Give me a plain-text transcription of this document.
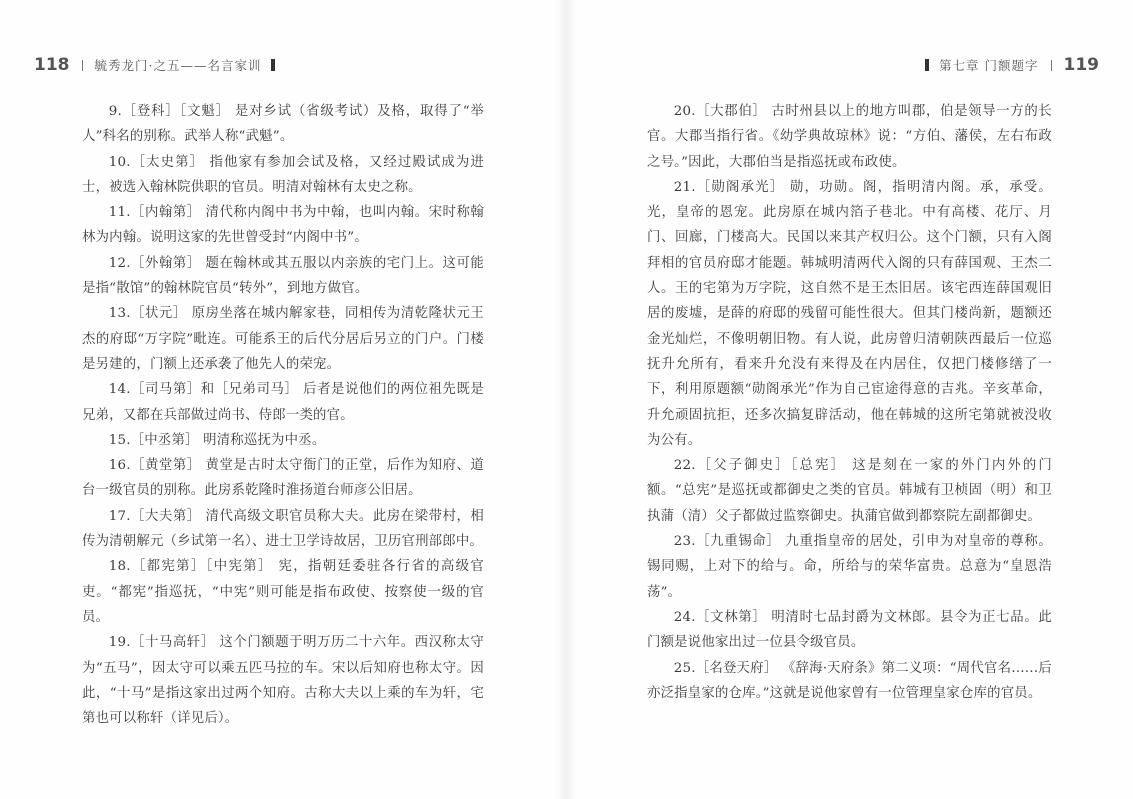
118 毓秀龙门·之五——名言家训

9.［登科］［文魁］ 是对乡试（省级考试）及格，取得了“举人”科名的别称。武举人称“武魁”。

10.［太史第］ 指他家有参加会试及格，又经过殿试成为进士，被选入翰林院供职的官员。明清对翰林有太史之称。

11.［内翰第］ 清代称内阁中书为中翰，也叫内翰。宋时称翰林为内翰。说明这家的先世曾受封“内阁中书”。

12.［外翰第］ 题在翰林或其五服以内亲族的宅门上。这可能是指“散馆”的翰林院官员“转外”，到地方做官。

13.［状元］ 原房坐落在城内解家巷，同相传为清乾隆状元王杰的府邸“万字院”毗连。可能系王的后代分居后另立的门户。门楼是另建的，门额上还承袭了他先人的荣宠。

14.［司马第］和［兄弟司马］ 后者是说他们的两位祖先既是兄弟，又都在兵部做过尚书、侍郎一类的官。

15.［中丞第］ 明清称巡抚为中丞。

16.［黄堂第］ 黄堂是古时太守衙门的正堂，后作为知府、道台一级官员的别称。此房系乾隆时淮扬道台师彦公旧居。

17.［大夫第］ 清代高级文职官员称大夫。此房在梁带村，相传为清朝解元（乡试第一名）、进士卫学诗故居，卫历官刑部郎中。

18.［都宪第］［中宪第］ 宪，指朝廷委驻各行省的高级官吏。“都宪”指巡抚，“中宪”则可能是指布政使、按察使一级的官员。

19.［十马高轩］ 这个门额题于明万历二十六年。西汉称太守为“五马”，因太守可以乘五匹马拉的车。宋以后知府也称太守。因此，“十马”是指这家出过两个知府。古称大夫以上乘的车为轩，宅第也可以称轩（详见后）。

第七章 门额题字 119

20.［大郡伯］ 古时州县以上的地方叫郡，伯是领导一方的长官。大郡当指行省。《幼学典故琼林》说：“方伯、藩侯，左右布政之号。”因此，大郡伯当是指巡抚或布政使。

21.［勋阁承光］ 勋，功勋。阁，指明清内阁。承，承受。光，皇帝的恩宠。此房原在城内箔子巷北。中有高楼、花厅、月门、回廊，门楼高大。民国以来其产权归公。这个门额，只有入阁拜相的官员府邸才能题。韩城明清两代入阁的只有薛国观、王杰二人。王的宅第为万字院，这自然不是王杰旧居。该宅西连薛国观旧居的废墟，是薛的府邸的残留可能性很大。但其门楼尚新，题额还金光灿烂，不像明朝旧物。有人说，此房曾归清朝陕西最后一位巡抚升允所有，看来升允没有来得及在内居住，仅把门楼修缮了一下，利用原题额“勋阁承光”作为自己宦途得意的吉兆。辛亥革命，升允顽固抗拒，还多次搞复辟活动，他在韩城的这所宅第就被没收为公有。

22.［父子御史］［总宪］ 这是刻在一家的外门内外的门额。“总宪”是巡抚或都御史之类的官员。韩城有卫桢固（明）和卫执蒲（清）父子都做过监察御史。执蒲官做到都察院左副都御史。

23.［九重锡命］ 九重指皇帝的居处，引申为对皇帝的尊称。锡同赐，上对下的给与。命，所给与的荣华富贵。总意为“皇恩浩荡”。

24.［文林第］ 明清时七品封爵为文林郎。县令为正七品。此门额是说他家出过一位县令级官员。

25.［名登天府］ 《辞海·天府条》第二义项：“周代官名……后亦泛指皇家的仓库。”这就是说他家曾有一位管理皇家仓库的官员。
